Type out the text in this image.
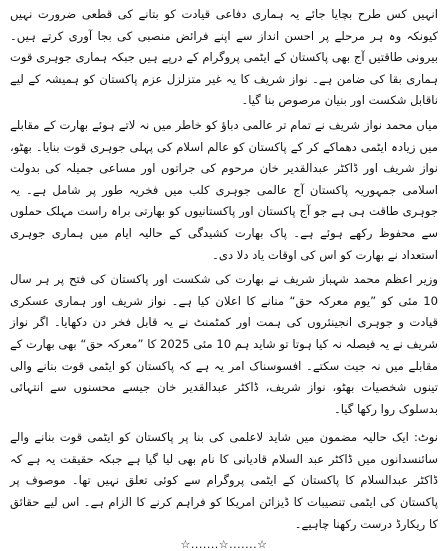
انہیں کس طرح بچایا جائے یہ ہماری دفاعی قیادت کو بتانے کی قطعی ضرورت نہیں کیونکہ وہ ہر مرحلے پر احسن انداز سے اپنے فرائض منصبی کی بجا آوری کرتے ہیں۔ بیرونی طاقتیں آج بھی پاکستان کے ایٹمی پروگرام کے درپے ہیں جبکہ ہماری جوہری قوت ہماری بقا کی ضامن ہے۔ نواز شریف کا یہ غیر متزلزل عزم پاکستان کو ہمیشہ کے لیے ناقابل شکست اور بنیان مرصوص بنا گیا۔

میاں محمد نواز شریف نے تمام تر عالمی دباؤ کو خاطر میں نہ لاتے ہوئے بھارت کے مقابلے میں زیادہ ایٹمی دھماکے کر کے پاکستان کو عالم اسلام کی پہلی جوہری قوت بنایا۔ بھٹو، نواز شریف اور ڈاکٹر عبدالقدیر خان مرحوم کی جراتوں اور مساعی جمیلہ کی بدولت اسلامی جمہوریہ پاکستان آج عالمی جوہری کلب میں فخریہ طور پر شامل ہے۔ یہ جوہری طاقت ہی ہے جو آج پاکستان اور پاکستانیوں کو بھارتی براہ راست مہلک حملوں سے محفوظ رکھے ہوئے ہے۔ پاک بھارت کشیدگی کے حالیہ ایام میں ہماری جوہری استعداد نے بھارت کو اس کی اوقات یاد دلا دی۔

وزیر اعظم محمد شہباز شریف نے بھارت کی شکست اور پاکستان کی فتح پر ہر سال 10 مئی کو ”یوم معرکہ حق“ منانے کا اعلان کیا ہے۔ نواز شریف اور ہماری عسکری قیادت و جوہری انجینئروں کی ہمت اور کمٹمنٹ نے یہ قابل فخر دن دکھایا۔ اگر نواز شریف نے یہ فیصلہ نہ کیا ہوتا تو شاید ہم 10 مئی 2025 کا ”معرکہ حق“ بھی بھارت کے مقابلے میں نہ جیت سکتے۔ افسوسناک امر یہ ہے کہ پاکستان کو ایٹمی قوت بنانے والی تینوں شخصیات بھٹو، نواز شریف، ڈاکٹر عبدالقدیر خان جیسے محسنوں سے انتہائی بدسلوک روا رکھا گیا۔

نوٹ: ایک حالیہ مضمون میں شاید لاعلمی کی بنا پر پاکستان کو ایٹمی قوت بنانے والے سائنسدانوں میں ڈاکٹر عبد السلام قادیانی کا نام بھی لیا گیا ہے جبکہ حقیقت یہ ہے کہ ڈاکٹر عبدالسلام کا پاکستان کے ایٹمی پروگرام سے کوئی تعلق نہیں تھا۔ موصوف پر پاکستان کی ایٹمی تنصیبات کا ڈیزائن امریکا کو فراہم کرنے کا الزام ہے۔ اس لیے حقائق کا ریکارڈ درست رکھنا چاہیے۔

☆.......☆.......☆
